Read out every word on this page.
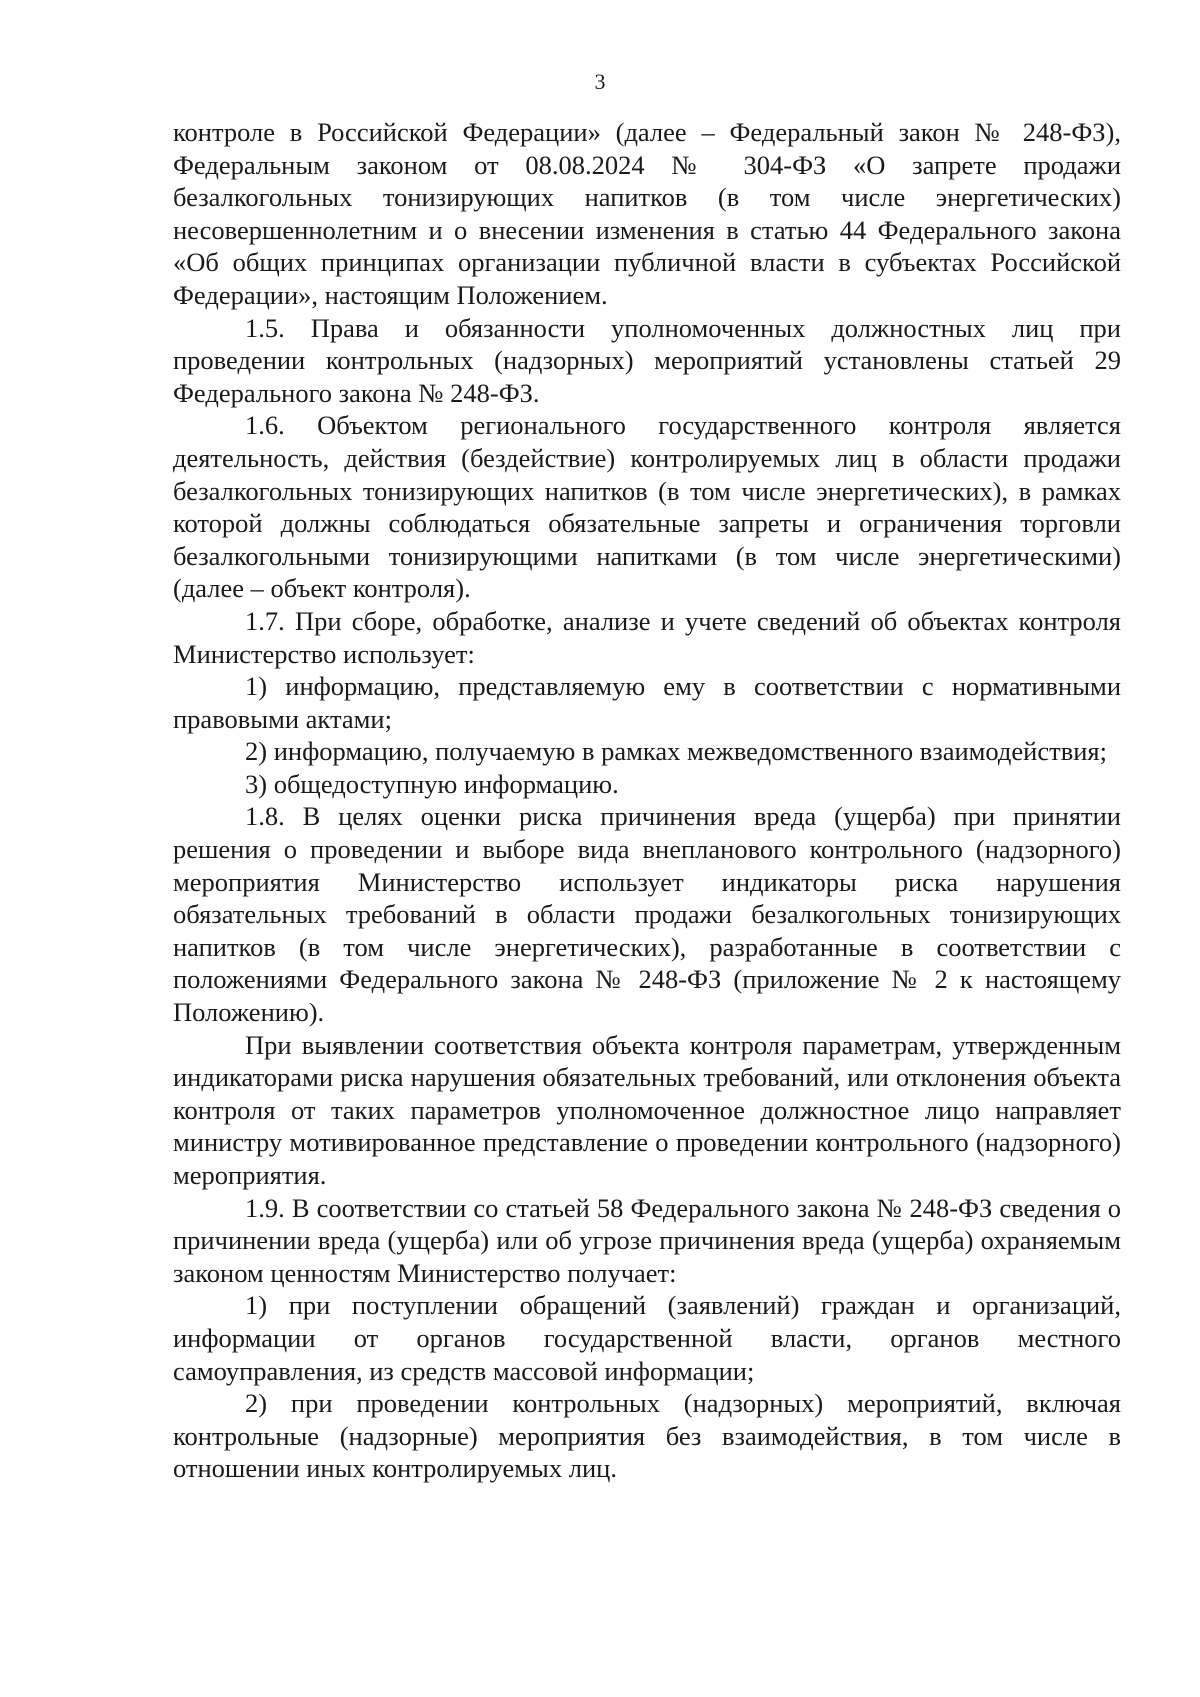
3

контроле в Российской Федерации» (далее – Федеральный закон № 248-ФЗ), Федеральным законом от 08.08.2024 № 304-ФЗ «О запрете продажи безалкогольных тонизирующих напитков (в том числе энергетических) несовершеннолетним и о внесении изменения в статью 44 Федерального закона «Об общих принципах организации публичной власти в субъектах Российской Федерации», настоящим Положением.

1.5. Права и обязанности уполномоченных должностных лиц при проведении контрольных (надзорных) мероприятий установлены статьей 29 Федерального закона № 248-ФЗ.

1.6. Объектом регионального государственного контроля является деятельность, действия (бездействие) контролируемых лиц в области продажи безалкогольных тонизирующих напитков (в том числе энергетических), в рамках которой должны соблюдаться обязательные запреты и ограничения торговли безалкогольными тонизирующими напитками (в том числе энергетическими) (далее – объект контроля).

1.7. При сборе, обработке, анализе и учете сведений об объектах контроля Министерство использует:

1) информацию, представляемую ему в соответствии с нормативными правовыми актами;

2) информацию, получаемую в рамках межведомственного взаимодействия;

3) общедоступную информацию.

1.8. В целях оценки риска причинения вреда (ущерба) при принятии решения о проведении и выборе вида внепланового контрольного (надзорного) мероприятия Министерство использует индикаторы риска нарушения обязательных требований в области продажи безалкогольных тонизирующих напитков (в том числе энергетических), разработанные в соответствии с положениями Федерального закона № 248-ФЗ (приложение № 2 к настоящему Положению).

При выявлении соответствия объекта контроля параметрам, утвержденным индикаторами риска нарушения обязательных требований, или отклонения объекта контроля от таких параметров уполномоченное должностное лицо направляет министру мотивированное представление о проведении контрольного (надзорного) мероприятия.

1.9. В соответствии со статьей 58 Федерального закона № 248-ФЗ сведения о причинении вреда (ущерба) или об угрозе причинения вреда (ущерба) охраняемым законом ценностям Министерство получает:

1) при поступлении обращений (заявлений) граждан и организаций, информации от органов государственной власти, органов местного самоуправления, из средств массовой информации;

2) при проведении контрольных (надзорных) мероприятий, включая контрольные (надзорные) мероприятия без взаимодействия, в том числе в отношении иных контролируемых лиц.
